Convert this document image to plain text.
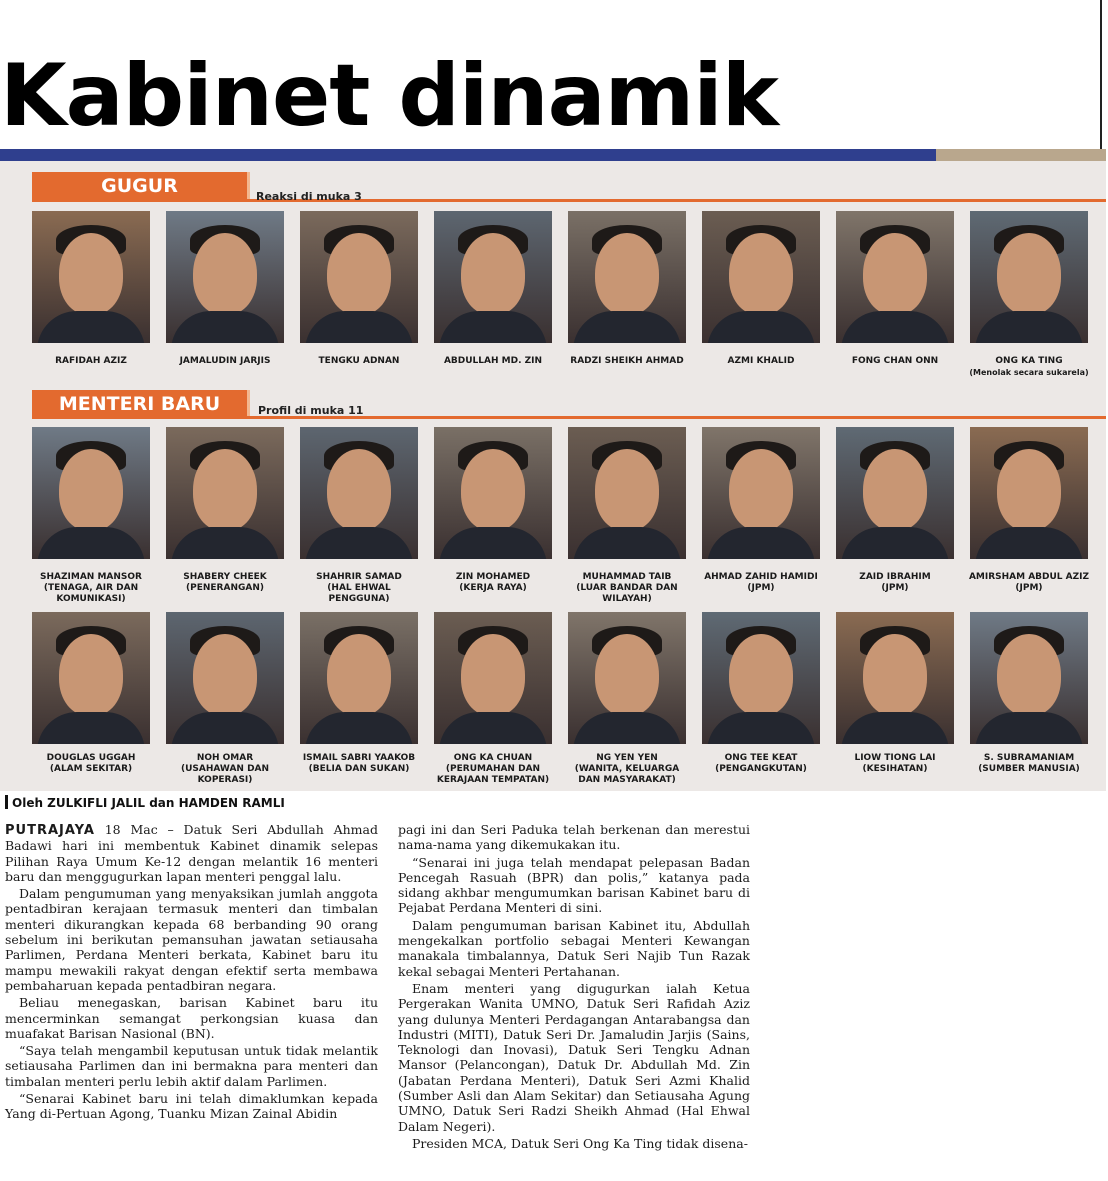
Kabinet dinamik
GUGUR	Reaksi di muka 3
MENTERI BARU	Profil di muka 11
RAFIDAH AZIZ	JAMALUDIN JARJIS	TENGKU ADNAN	ABDULLAH MD. ZIN	RADZI SHEIKH AHMAD	AZMI KHALID	FONG CHAN ONN	ONG KA TING
(Menolak secara sukarela)
SHAZIMAN MANSOR
(TENAGA, AIR DAN
KOMUNIKASI)
SHABERY CHEEK
(PENERANGAN)
SHAHRIR SAMAD
(HAL EHWAL
PENGGUNA)
ZIN MOHAMED
(KERJA RAYA)
MUHAMMAD TAIB
(LUAR BANDAR DAN
WILAYAH)
AHMAD ZAHID HAMIDI
(JPM)
ZAID IBRAHIM
(JPM)
AMIRSHAM ABDUL AZIZ
(JPM)
DOUGLAS UGGAH
(ALAM SEKITAR)
NOH OMAR
(USAHAWAN DAN
KOPERASI)
ISMAIL SABRI YAAKOB
(BELIA DAN SUKAN)
ONG KA CHUAN
(PERUMAHAN DAN
KERAJAAN TEMPATAN)
NG YEN YEN
(WANITA, KELUARGA
DAN MASYARAKAT)
ONG TEE KEAT
(PENGANGKUTAN)
LIOW TIONG LAI
(KESIHATAN)
S. SUBRAMANIAM
(SUMBER MANUSIA)
Oleh ZULKIFLI JALIL dan HAMDEN RAMLI

PUTRAJAYA 18 Mac – Datuk Seri Abdullah Ahmad Badawi hari ini membentuk Kabinet dinamik selepas Pilihan Raya Umum Ke-12 dengan melantik 16 menteri baru dan menggugurkan lapan menteri penggal lalu.

Dalam pengumuman yang menyaksikan jumlah anggota pentadbiran kerajaan termasuk menteri dan timbalan menteri dikurangkan kepada 68 berbanding 90 orang sebelum ini berikutan pemansuhan jawatan setiausaha Parlimen, Perdana Menteri berkata, Kabinet baru itu mampu mewakili rakyat dengan efektif serta membawa pembaharuan kepada pentadbiran negara.

Beliau menegaskan, barisan Kabinet baru itu mencerminkan semangat perkongsian kuasa dan muafakat Barisan Nasional (BN).

“Saya telah mengambil keputusan untuk tidak melantik setiausaha Parlimen dan ini bermakna para menteri dan timbalan menteri perlu lebih aktif dalam Parlimen.

“Senarai Kabinet baru ini telah dimaklumkan kepada Yang di-Pertuan Agong, Tuanku Mizan Zainal Abidin

pagi ini dan Seri Paduka telah berkenan dan merestui nama-nama yang dikemukakan itu.

“Senarai ini juga telah mendapat pelepasan Badan Pencegah Rasuah (BPR) dan polis,” katanya pada sidang akhbar mengumumkan barisan Kabinet baru di Pejabat Perdana Menteri di sini.

Dalam pengumuman barisan Kabinet itu, Abdullah mengekalkan portfolio sebagai Menteri Kewangan manakala timbalannya, Datuk Seri Najib Tun Razak kekal sebagai Menteri Pertahanan.

Enam menteri yang digugurkan ialah Ketua Pergerakan Wanita UMNO, Datuk Seri Rafidah Aziz yang dulunya Menteri Perdagangan Antarabangsa dan Industri (MITI), Datuk Seri Dr. Jamaludin Jarjis (Sains, Teknologi dan Inovasi), Datuk Seri Tengku Adnan Mansor (Pelancongan), Datuk Dr. Abdullah Md. Zin (Jabatan Perdana Menteri), Datuk Seri Azmi Khalid (Sumber Asli dan Alam Sekitar) dan Setiausaha Agung UMNO, Datuk Seri Radzi Sheikh Ahmad (Hal Ehwal Dalam Negeri).

Presiden MCA, Datuk Seri Ong Ka Ting tidak disena-
